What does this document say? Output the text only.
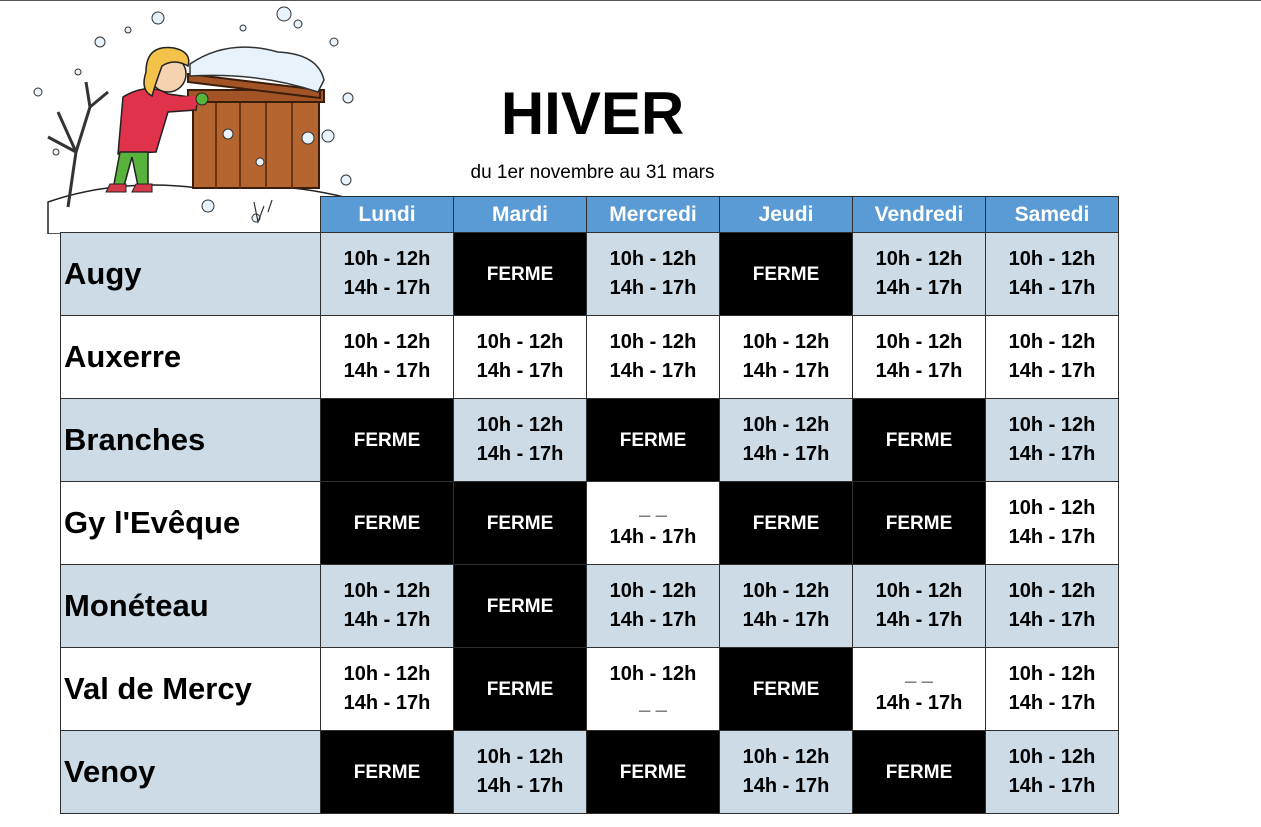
HIVER
du 1er novembre au 31 mars
	Lundi	Mardi	Mercredi	Jeudi	Vendredi	Samedi
Augy	10h - 12h
14h - 17h	FERME	10h - 12h
14h - 17h	FERME	10h - 12h
14h - 17h	10h - 12h
14h - 17h

Auxerre	10h - 12h
14h - 17h	10h - 12h
14h - 17h	10h - 12h
14h - 17h	10h - 12h
14h - 17h	10h - 12h
14h - 17h	10h - 12h
14h - 17h

Branches	FERME	10h - 12h
14h - 17h	FERME	10h - 12h
14h - 17h	FERME	10h - 12h
14h - 17h

Gy l'Evêque	FERME	FERME	_ _
14h - 17h	FERME	FERME	10h - 12h
14h - 17h

Monéteau	10h - 12h
14h - 17h	FERME	10h - 12h
14h - 17h	10h - 12h
14h - 17h	10h - 12h
14h - 17h	10h - 12h
14h - 17h

Val de Mercy	10h - 12h
14h - 17h	FERME	10h - 12h
_ _	FERME	_ _
14h - 17h	10h - 12h
14h - 17h

Venoy	FERME	10h - 12h
14h - 17h	FERME	10h - 12h
14h - 17h	FERME	10h - 12h
14h - 17h
